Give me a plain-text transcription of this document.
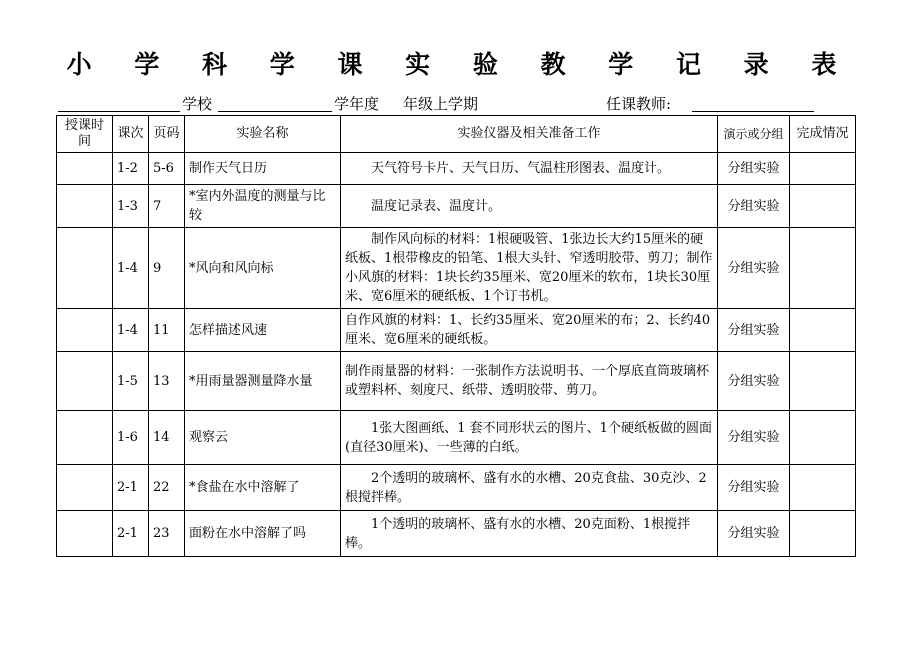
小 学 科 学 课 实 验 教 学 记 录 表
学校	学年度 年级上学期	任课教师:
授课时间	课次	页码	实验名称	实验仪器及相关准备工作	演示或分组	完成情况
	1-2	5-6	制作天气日历	天气符号卡片、天气日历、气温柱形图表、温度计。	分组实验	
	1-3	7	*室内外温度的测量与比较	温度记录表、温度计。	分组实验	
	1-4	9	*风向和风向标	制作风向标的材料：1根硬吸管、1张边长大约15厘米的硬纸板、1根带橡皮的铅笔、1根大头针、窄透明胶带、剪刀；制作小风旗的材料：1块长约35厘米、宽20厘米的软布，1块长30厘米、宽6厘米的硬纸板、1个订书机。	分组实验	
	1-4	11	怎样描述风速	自作风旗的材料：1、长约35厘米、宽20厘米的布；2、长约40厘米、宽6厘米的硬纸板。	分组实验	
	1-5	13	*用雨量器测量降水量	制作雨量器的材料：一张制作方法说明书、一个厚底直筒玻璃杯或塑料杯、刻度尺、纸带、透明胶带、剪刀。	分组实验	
	1-6	14	观察云	1张大图画纸、1 套不同形状云的图片、1个硬纸板做的圆面(直径30厘米)、一些薄的白纸。	分组实验	
	2-1	22	*食盐在水中溶解了	2个透明的玻璃杯、盛有水的水槽、20克食盐、30克沙、2根搅拌棒。	分组实验	
	2-1	23	面粉在水中溶解了吗	1个透明的玻璃杯、盛有水的水槽、20克面粉、1根搅拌棒。	分组实验	
